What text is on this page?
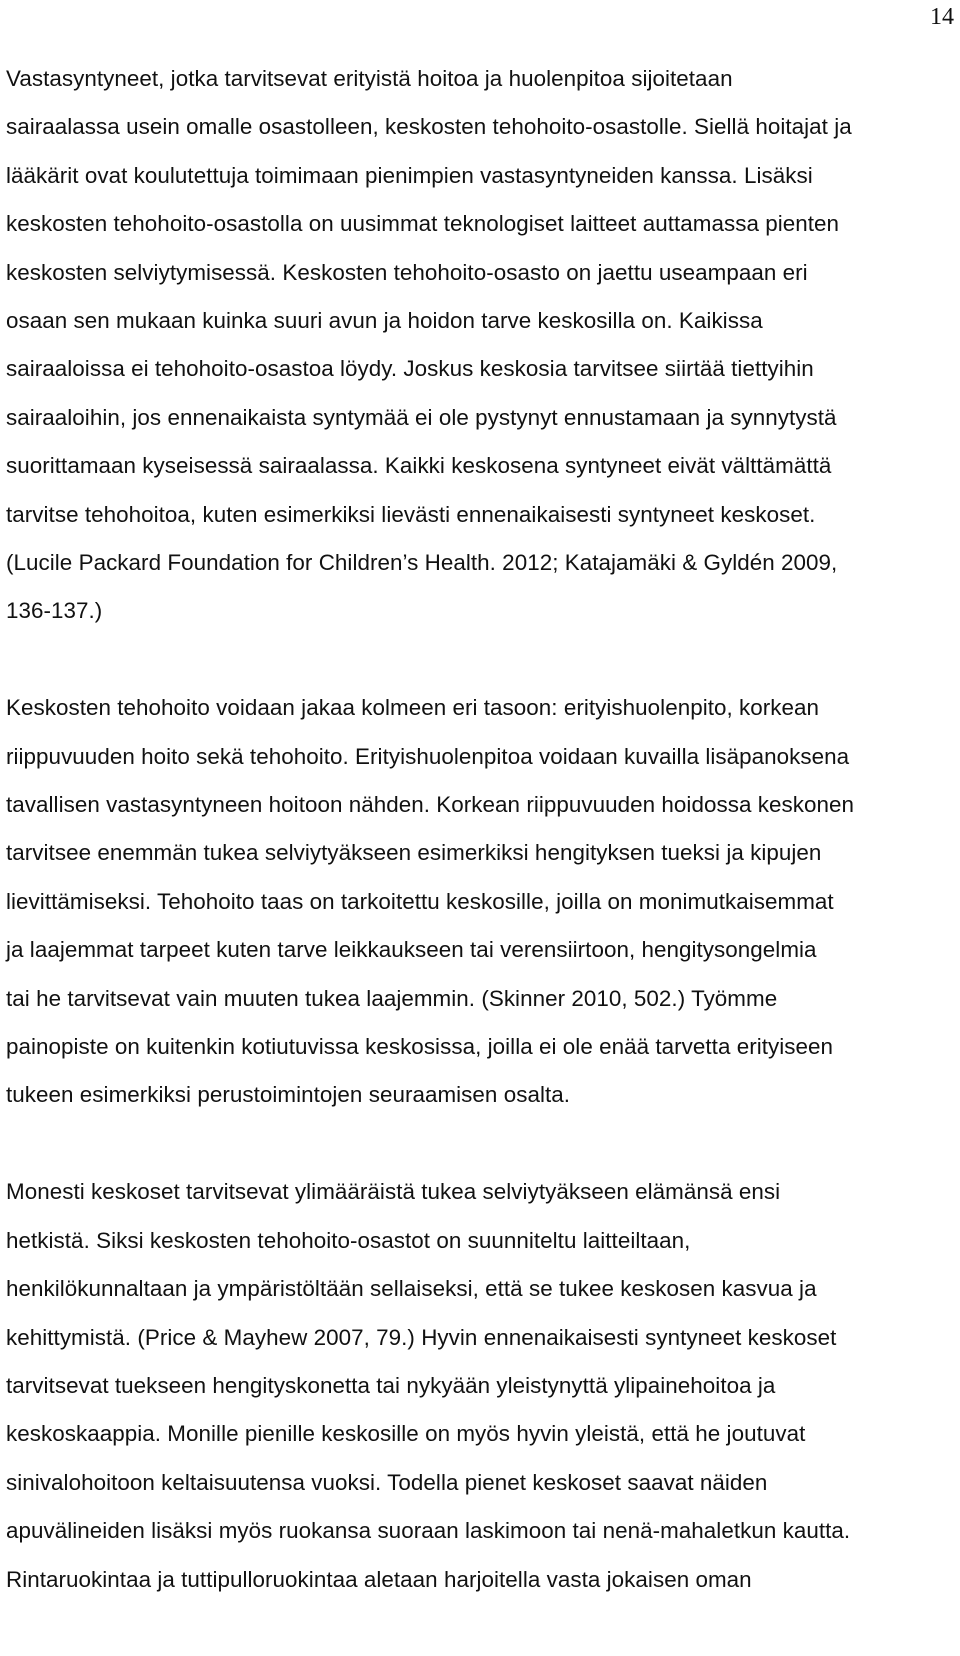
14
Vastasyntyneet, jotka tarvitsevat erityistä hoitoa ja huolenpitoa sijoitetaan
sairaalassa usein omalle osastolleen, keskosten tehohoito-osastolle. Siellä hoitajat ja
lääkärit ovat koulutettuja toimimaan pienimpien vastasyntyneiden kanssa. Lisäksi
keskosten tehohoito-osastolla on uusimmat teknologiset laitteet auttamassa pienten
keskosten selviytymisessä. Keskosten tehohoito-osasto on jaettu useampaan eri
osaan sen mukaan kuinka suuri avun ja hoidon tarve keskosilla on. Kaikissa
sairaaloissa ei tehohoito-osastoa löydy. Joskus keskosia tarvitsee siirtää tiettyihin
sairaaloihin, jos ennenaikaista syntymää ei ole pystynyt ennustamaan ja synnytystä
suorittamaan kyseisessä sairaalassa. Kaikki keskosena syntyneet eivät välttämättä
tarvitse tehohoitoa, kuten esimerkiksi lievästi ennenaikaisesti syntyneet keskoset.
(Lucile Packard Foundation for Children’s Health. 2012; Katajamäki & Gyldén 2009,
136-137.)
Keskosten tehohoito voidaan jakaa kolmeen eri tasoon: erityishuolenpito, korkean
riippuvuuden hoito sekä tehohoito. Erityishuolenpitoa voidaan kuvailla lisäpanoksena
tavallisen vastasyntyneen hoitoon nähden. Korkean riippuvuuden hoidossa keskonen
tarvitsee enemmän tukea selviytyäkseen esimerkiksi hengityksen tueksi ja kipujen
lievittämiseksi. Tehohoito taas on tarkoitettu keskosille, joilla on monimutkaisemmat
ja laajemmat tarpeet kuten tarve leikkaukseen tai verensiirtoon, hengitysongelmia
tai he tarvitsevat vain muuten tukea laajemmin. (Skinner 2010, 502.) Työmme
painopiste on kuitenkin kotiutuvissa keskosissa, joilla ei ole enää tarvetta erityiseen
tukeen esimerkiksi perustoimintojen seuraamisen osalta.
Monesti keskoset tarvitsevat ylimääräistä tukea selviytyäkseen elämänsä ensi
hetkistä. Siksi keskosten tehohoito-osastot on suunniteltu laitteiltaan,
henkilökunnaltaan ja ympäristöltään sellaiseksi, että se tukee keskosen kasvua ja
kehittymistä. (Price & Mayhew 2007, 79.) Hyvin ennenaikaisesti syntyneet keskoset
tarvitsevat tuekseen hengityskonetta tai nykyään yleistynyttä ylipainehoitoa ja
keskoskaappia. Monille pienille keskosille on myös hyvin yleistä, että he joutuvat
sinivalohoitoon keltaisuutensa vuoksi. Todella pienet keskoset saavat näiden
apuvälineiden lisäksi myös ruokansa suoraan laskimoon tai nenä-mahaletkun kautta.
Rintaruokintaa ja tuttipulloruokintaa aletaan harjoitella vasta jokaisen oman
